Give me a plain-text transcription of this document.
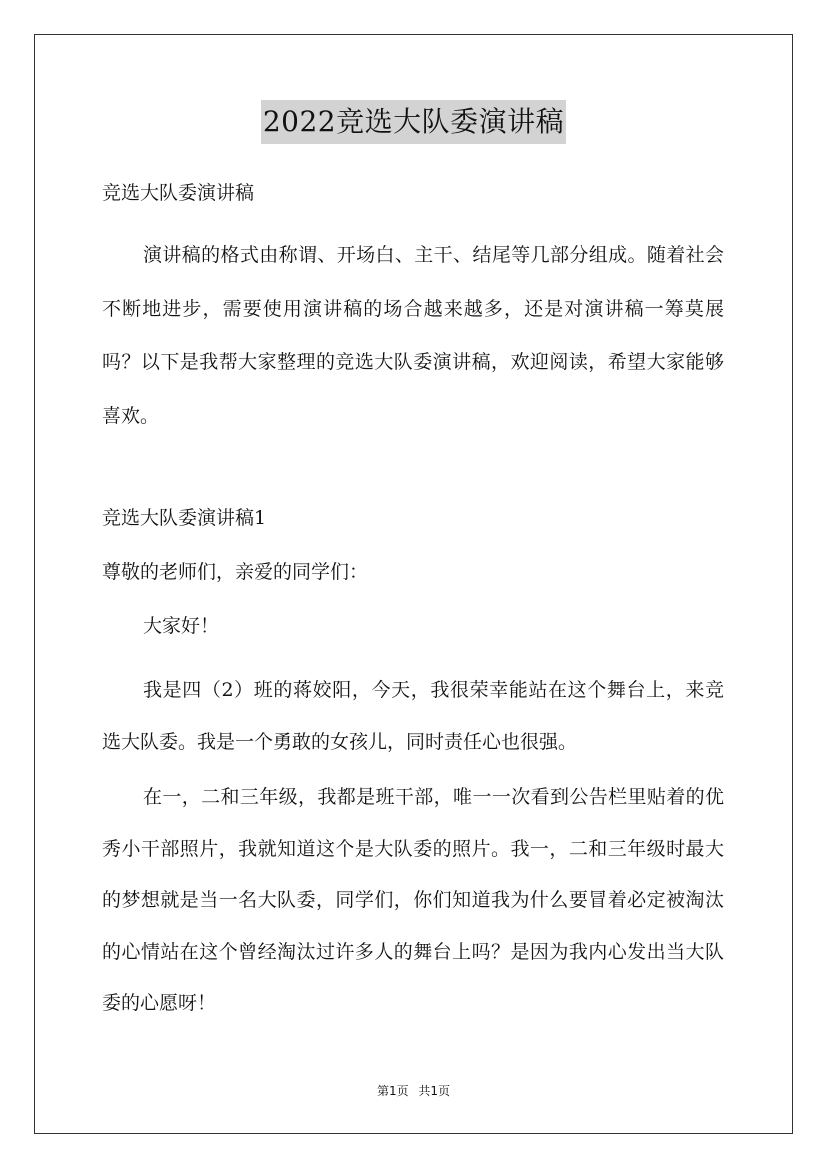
2022竞选大队委演讲稿
竞选大队委演讲稿

演讲稿的格式由称谓、开场白、主干、结尾等几部分组成。随着社会不断地进步，需要使用演讲稿的场合越来越多，还是对演讲稿一筹莫展吗？以下是我帮大家整理的竞选大队委演讲稿，欢迎阅读，希望大家能够喜欢。

竞选大队委演讲稿1
尊敬的老师们，亲爱的同学们：
大家好！

我是四（2）班的蒋姣阳，今天，我很荣幸能站在这个舞台上，来竞选大队委。我是一个勇敢的女孩儿，同时责任心也很强。

在一，二和三年级，我都是班干部，唯一一次看到公告栏里贴着的优秀小干部照片，我就知道这个是大队委的照片。我一，二和三年级时最大的梦想就是当一名大队委，同学们，你们知道我为什么要冒着必定被淘汰的心情站在这个曾经淘汰过许多人的舞台上吗？是因为我内心发出当大队委的心愿呀！

第1页 共1页
